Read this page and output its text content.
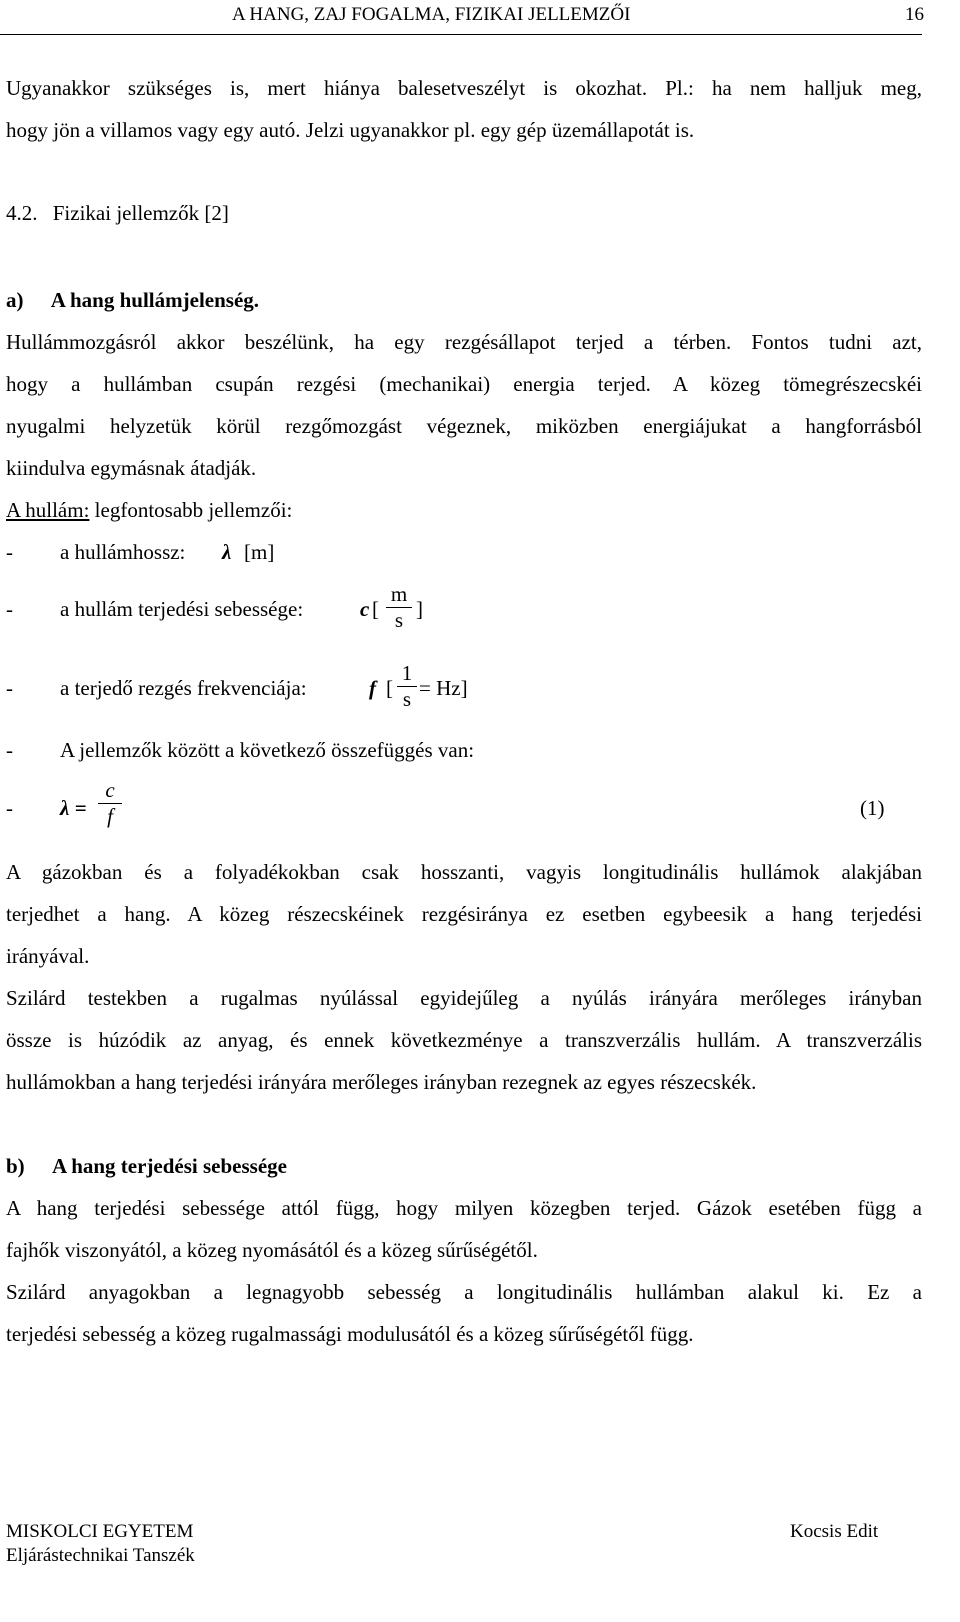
A HANG, ZAJ FOGALMA, FIZIKAI JELLEMZŐI	16
Ugyanakkor szükséges is, mert hiánya balesetveszélyt is okozhat. Pl.: ha nem halljuk meg,
hogy jön a villamos vagy egy autó. Jelzi ugyanakkor pl. egy gép üzemállapotát is.
4.2. Fizikai jellemzők [2]
a) A hang hullámjelenség.
Hullámmozgásról akkor beszélünk, ha egy rezgésállapot terjed a térben. Fontos tudni azt,
hogy a hullámban csupán rezgési (mechanikai) energia terjed. A közeg tömegrészecskéi
nyugalmi helyzetük körül rezgőmozgást végeznek, miközben energiájukat a hangforrásból
kiindulva egymásnak átadják.
A hullám: legfontosabb jellemzői:
- a hullámhossz: λ [m]
- a hullám terjedési sebessége:	c [ $\frac{m}{s}$ ]
- a terjedő rezgés frekvenciája:	f [ $\frac{1}{s} = Hz$]
- A jellemzők között a következő összefüggés van:
- $\lambda = \frac{c}{f}$	(1)
A gázokban és a folyadékokban csak hosszanti, vagyis longitudinális hullámok alakjában
terjedhet a hang. A közeg részecskéinek rezgésiránya ez esetben egybeesik a hang terjedési
irányával.
Szilárd testekben a rugalmas nyúlással egyidejűleg a nyúlás irányára merőleges irányban
össze is húzódik az anyag, és ennek következménye a transzverzális hullám. A transzverzális
hullámokban a hang terjedési irányára merőleges irányban rezegnek az egyes részecskék.
b) A hang terjedési sebessége
A hang terjedési sebessége attól függ, hogy milyen közegben terjed. Gázok esetében függ a
fajhők viszonyától, a közeg nyomásától és a közeg sűrűségétől.
Szilárd anyagokban a legnagyobb sebesség a longitudinális hullámban alakul ki. Ez a
terjedési sebesség a közeg rugalmassági modulusától és a közeg sűrűségétől függ.
MISKOLCI EGYETEM
Eljárástechnikai Tanszék
Kocsis Edit
